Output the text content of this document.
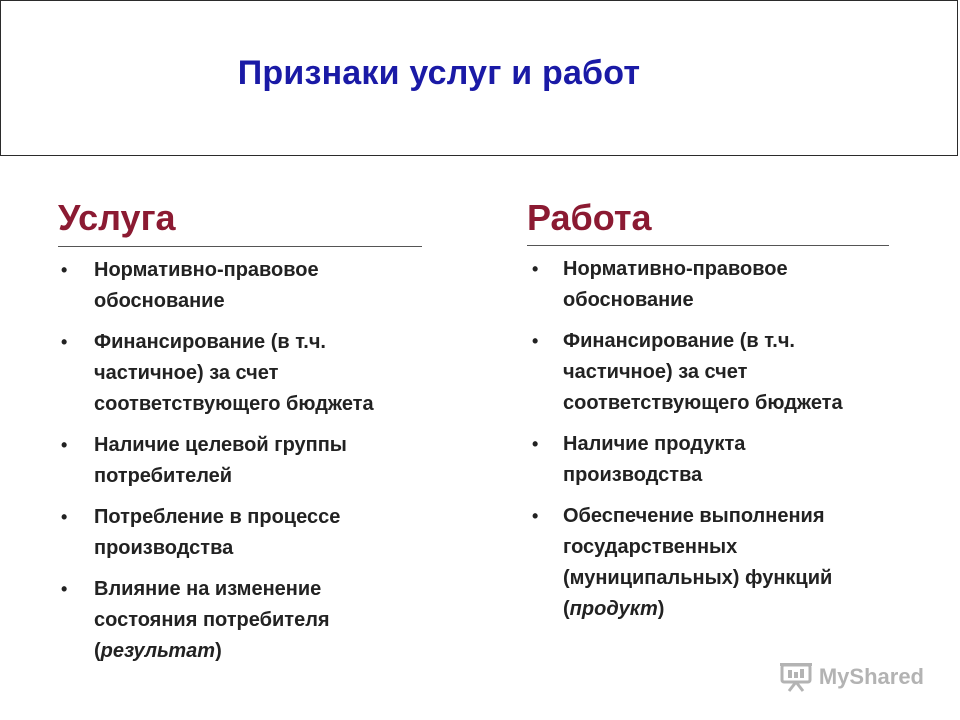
Признаки услуг и работ
Услуга
• Нормативно-правовое
обоснование
• Финансирование (в т.ч.
частичное) за счет
соответствующего бюджета
• Наличие целевой группы
потребителей
• Потребление в процессе
производства
• Влияние на изменение
состояния потребителя
(результат)
Работа
• Нормативно-правовое
обоснование
• Финансирование (в т.ч.
частичное) за счет
соответствующего бюджета
• Наличие продукта
производства
• Обеспечение выполнения
государственных
(муниципальных) функций
(продукт)
MyShared
